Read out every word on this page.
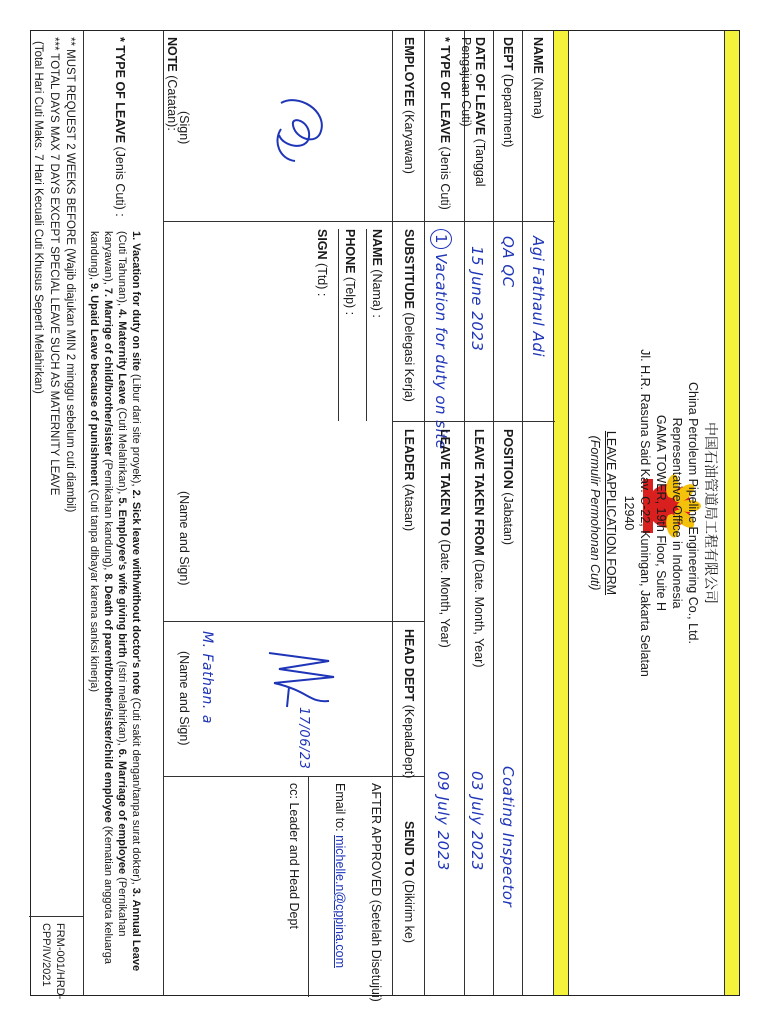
中国石油管道局工程有限公司
China Petroleum Pipeline Engineering Co., Ltd.
Representative Office in Indonesia
GAMA TOWER, 19th Floor, Suite H
Jl. H.R. Rasuna Said Kav. C-22, Kuningan, Jakarta Selatan
12940
LEAVE APPLICATION FORM
(Formulir Permohonan Cuti)
NAME (Nama)
Agi Fathaul Adi
DEPT (Department)
QA QC
POSITION (Jabatan)
Coating Inspector
DATE OF LEAVE (Tanggal
Pengajuan Cuti)
15 June 2023
LEAVE TAKEN FROM (Date. Month, Year)
03 July 2023
* TYPE OF LEAVE (Jenis Cuti)
1Vacation for duty on site
LEAVE TAKEN TO (Date. Month, Year)
09 July 2023
EMPLOYEE (Karyawan)
SUBSTITUDE (Delegasi Kerja)
LEADER (Atasan)
HEAD DEPT (KepalaDept)
SEND TO (Dikirim ke)
(Sign)
NAME (Nama) :
PHONE (Telp) :
SIGN (Ttd) :
(Name and Sign)
17/06/23
M. Fathan. a
(Name and Sign)
AFTER APPROVED (Setelah Disetujui)
Email to: michelle.n@cppina.com
cc: Leader and Head Dept
NOTE (Catatan):
* TYPE OF LEAVE (Jenis Cuti) :
1. Vacation for duty on site (Libur dari site proyek), 2. Sick leave with/without doctor's note (Cuti sakit dengan/tanpa surat dokter), 3. Annual Leave (Cuti Tahunan), 4. Maternity Leave (Cuti Melahirkan), 5. Employee's wife giving birth (Istri melahirkan), 6. Marriage of employee (Pernikahan karyawan), 7. Marrige of child/brother/sister (Pernikahan kandung), 8. Death of parent/brother/sister/child employee (Kematian anggota keluarga kandung), 9. Upaid Leave because of punishment (Cuti tanpa dibayar karena sanksi kinerja)
** MUST REQUEST 2 WEEKS BEFORE (Wajib diajukan MIN 2 minggu sebelum cuti diambil)
*** TOTAL DAYS MAX 7 DAYS EXCEPT SPECIAL LEAVE SUCH AS MATERNITY LEAVE
(Total Hari Cuti Maks. 7 Hari Kecuali Cuti Khusus Seperti Melahirkan)
FRM-001/HRD-
CPP/IV/2021
